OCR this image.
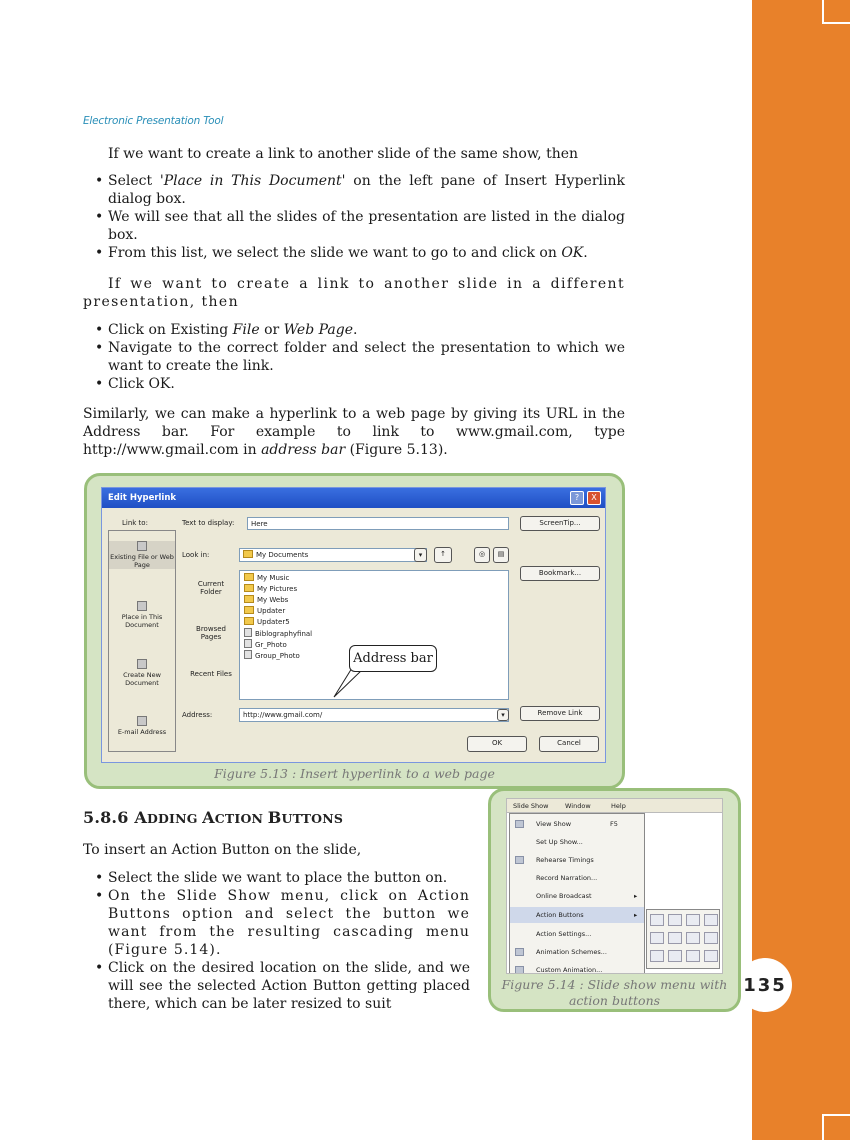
135
Electronic Presentation Tool

If we want to create a link to another slide of the same show, then

• Select 'Place in This Document' on the left pane of Insert Hyperlink dialog box.
• We will see that all the slides of the presentation are listed in the dialog box.
• From this list, we select the slide we want to go to and click on OK.

If we want to create a link to another slide in a different presentation, then

• Click on Existing File or Web Page.
• Navigate to the correct folder and select the presentation to which we want to create the link.
• Click OK.

Similarly, we can make a hyperlink to a web page by giving its URL in the Address bar. For example to link to www.gmail.com, type http://www.gmail.com in address bar (Figure 5.13).

Edit Hyperlink	?	X
Link to:	Text to display:	Here	ScreenTip...
Existing File or Web Page
Place in This Document
Create New Document
E-mail Address
Look in:	My Documents	▾	↑	◎	▤
Bookmark...
Current Folder
Browsed Pages
Recent Files
My Music
My Pictures
My Webs
Updater
Updater5
Biblographyfinal
Gr_Photo
Group_Photo
Address:	http://www.gmail.com/	▾	Remove Link
OK	Cancel
Address bar
Figure 5.13 : Insert hyperlink to a web page
5.8.6 ADDING ACTION BUTTONS

To insert an Action Button on the slide,

• Select the slide we want to place the button on.
• On the Slide Show menu, click on Action Buttons option and select the button we want from the resulting cascading menu (Figure 5.14).
• Click on the desired location on the slide, and we will see the selected Action Button getting placed there, which can be later resized to suit
Slide Show	Window	Help
View Show	F5
Set Up Show...
Rehearse Timings
Record Narration...
Online Broadcast	▸
Action Buttons	▸
Action Settings...
Animation Schemes...
Custom Animation...
Figure 5.14 : Slide show menu with
action buttons
